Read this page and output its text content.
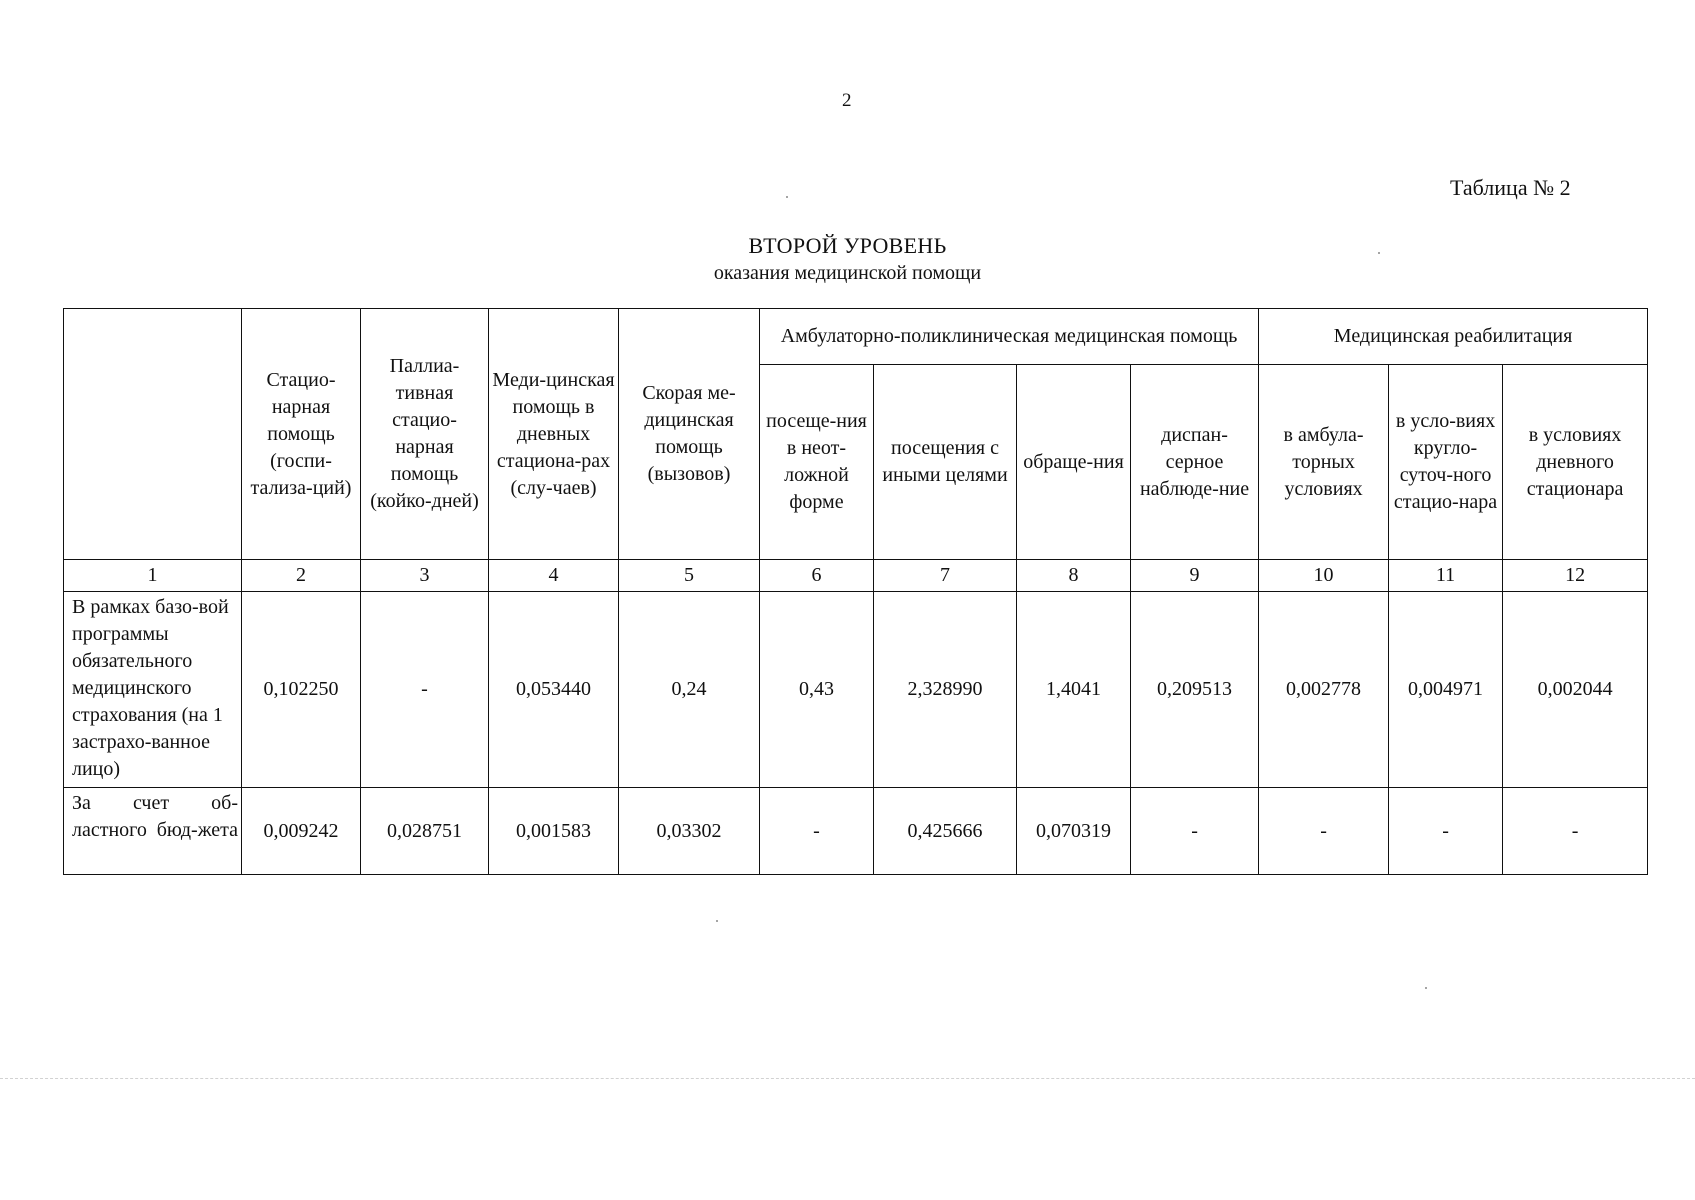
2
Таблица № 2
ВТОРОЙ УРОВЕНЬ
оказания медицинской помощи
	Стацио-нарная помощь (госпи-тализа-ций)	Паллиа-тивная стацио-нарная помощь (койко-дней)	Меди-цинская помощь в дневных стациона-рах (слу-чаев)	Скорая ме-дицинская помощь (вызовов)	Амбулаторно-поликлиническая медицинская помощь				Медицинская реабилитация		
					посеще-ния в неот-ложной форме	посещения с иными целями	обраще-ния	диспан-серное наблюде-ние	в амбула-торных условиях	в усло-виях кругло-суточ-ного стацио-нара	в условиях дневного стационара
1	2	3	4	5	6	7	8	9	10	11	12
В рамках базо-вой программы обязательного медицинского страхования (на 1 застрахо-ванное лицо)	0,102250	-	0,053440	0,24	0,43	2,328990	1,4041	0,209513	0,002778	0,004971	0,002044
За счет об-ластного бюд-жета	0,009242	0,028751	0,001583	0,03302	-	0,425666	0,070319	-	-	-	-
